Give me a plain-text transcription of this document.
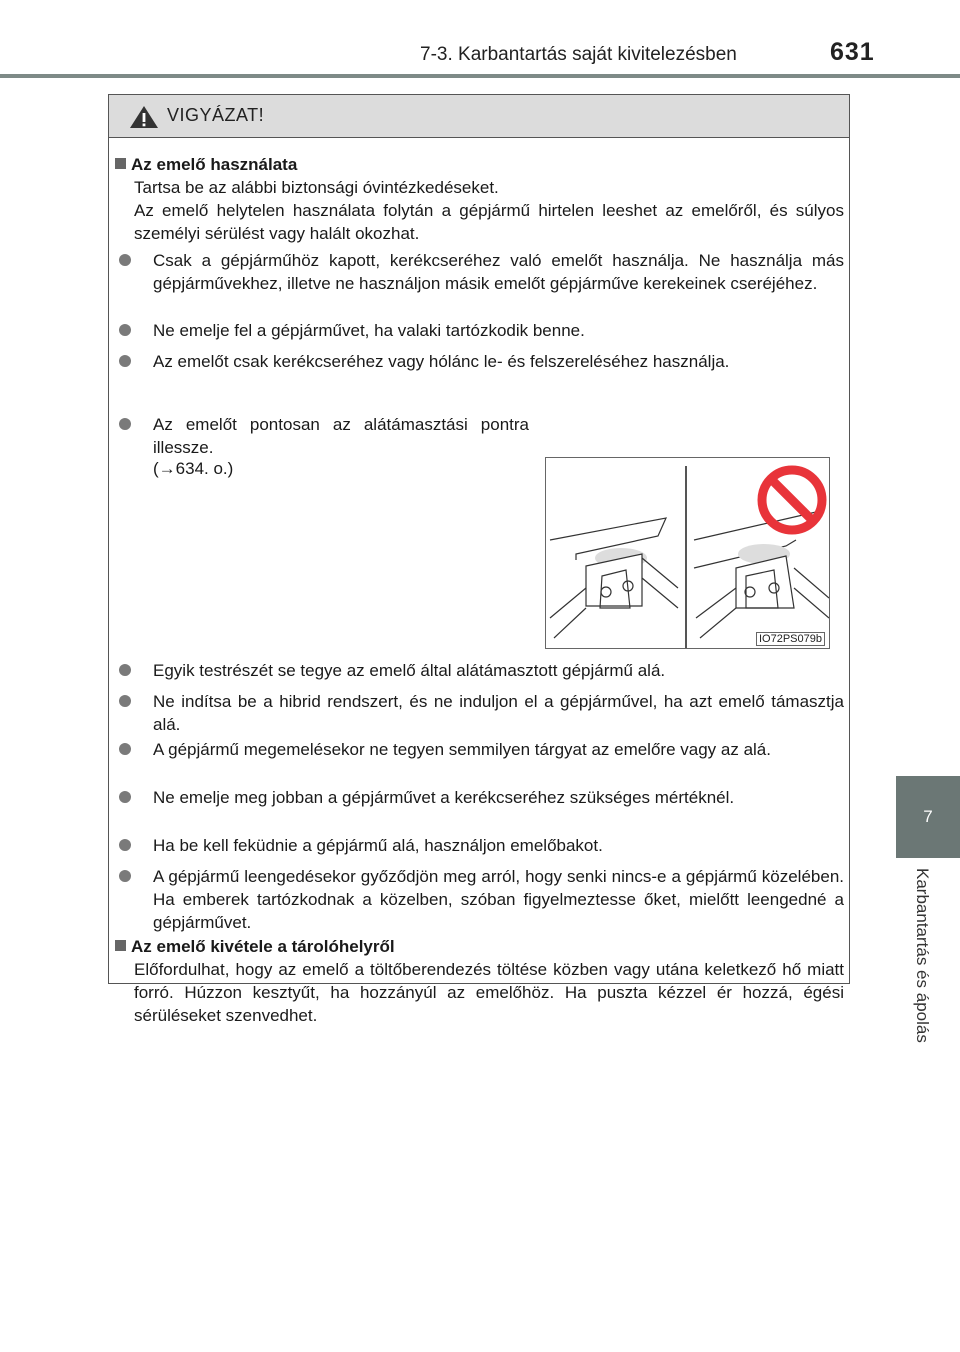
7-3. Karbantartás saját kivitelezésben	631
7
Karbantartás és ápolás
VIGYÁZAT!
Az emelő használata
Tartsa be az alábbi biztonsági óvintézkedéseket.
Az emelő helytelen használata folytán a gépjármű hirtelen leeshet az emelőről, és súlyos személyi sérülést vagy halált okozhat.
Csak a gépjárműhöz kapott, kerékcseréhez való emelőt használja. Ne használja más gépjárművekhez, illetve ne használjon másik emelőt gépjárműve kerekeinek cseréjéhez.
Ne emelje fel a gépjárművet, ha valaki tartózkodik benne.
Az emelőt csak kerékcseréhez vagy hólánc le- és felszereléséhez használja.
Az emelőt pontosan az alátámasztási pontra illessze.
(→634. o.)
IO72PS079b
Egyik testrészét se tegye az emelő által alátámasztott gépjármű alá.
Ne indítsa be a hibrid rendszert, és ne induljon el a gépjárművel, ha azt emelő támasztja alá.
A gépjármű megemelésekor ne tegyen semmilyen tárgyat az emelőre vagy az alá.
Ne emelje meg jobban a gépjárművet a kerékcseréhez szükséges mértéknél.
Ha be kell feküdnie a gépjármű alá, használjon emelőbakot.
A gépjármű leengedésekor győződjön meg arról, hogy senki nincs-e a gépjármű közelében. Ha emberek tartózkodnak a közelben, szóban figyelmeztesse őket, mielőtt leengedné a gépjárművet.
Az emelő kivétele a tárolóhelyről
Előfordulhat, hogy az emelő a töltőberendezés töltése közben vagy utána keletkező hő miatt forró. Húzzon kesztyűt, ha hozzányúl az emelőhöz. Ha puszta kézzel ér hozzá, égési sérüléseket szenvedhet.
